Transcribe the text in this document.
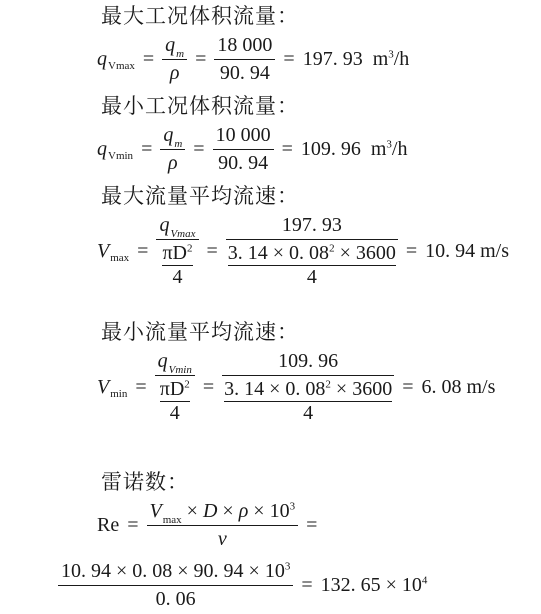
最大工况体积流量：
q $Vmax = \frac{q_m}{\rho} = \frac{18 000}{90. 94} = 197$. 93
$m^3/h$
最小工况体积流量：
q $Vmin = \frac{q_m}{\rho} = \frac{10 000}{90. 94} = 109$. 96
$m^3/h$
最大流量平均流速：
V $\max = q_{Vmax}$
$\pi D^2$
4 = 197. 93
3. 14 × 0. $08^2 \times 3600$
4 = 10. 94 m/s
最小流量平均流速：
V $\min = q_{Vmin}$
$\pi D^2$
4 = 109. 96
3. 14 × 0. $08^2 \times 3600$
4 = 6. 08 m/s
雷诺数：
$Re = \frac{V_{max} \times D \times \rho \times 10^3}{v}$ =
$\frac{10. 94 \times 0. 08 \times 90. 94 \times 10^3}{0. 06} = 132$. $65 \times 10^4$
